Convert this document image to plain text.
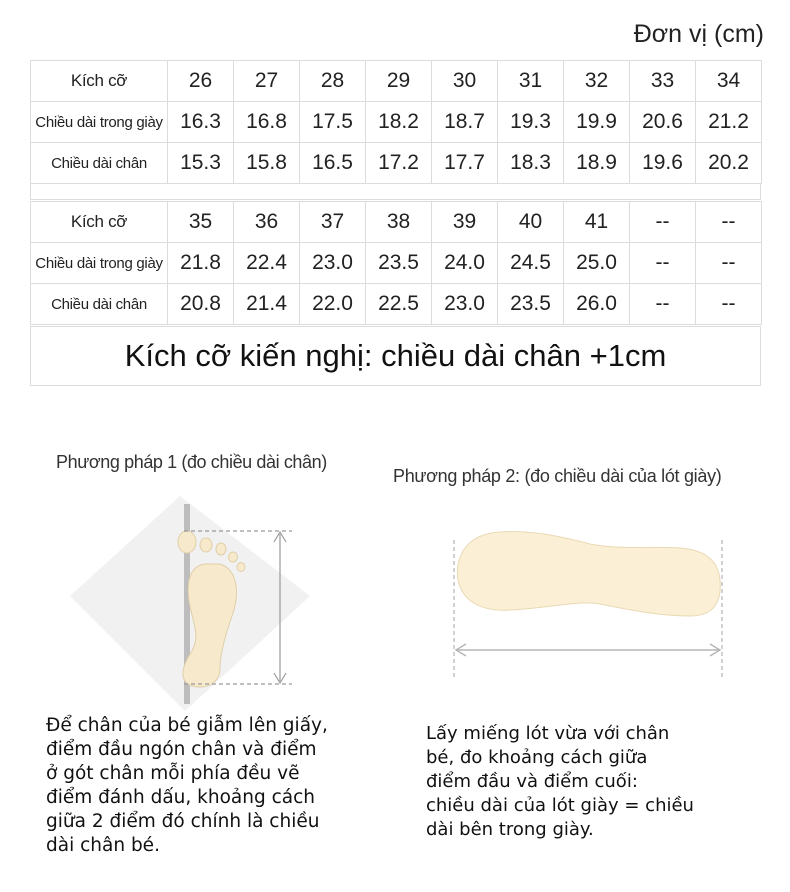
Đơn vị (cm)
Kích cỡ	26	27	28	29	30	31	32	33	34
Chiều dài trong giày	16.3	16.8	17.5	18.2	18.7	19.3	19.9	20.6	21.2
Chiều dài chân	15.3	15.8	16.5	17.2	17.7	18.3	18.9	19.6	20.2
Kích cỡ	35	36	37	38	39	40	41	--	--
Chiều dài trong giày	21.8	22.4	23.0	23.5	24.0	24.5	25.0	--	--
Chiều dài chân	20.8	21.4	22.0	22.5	23.0	23.5	26.0	--	--
Kích cỡ kiến nghị: chiều dài chân +1cm
Phương pháp 1 (đo chiều dài chân)
Phương pháp 2: (đo chiều dài của lót giày)
Để chân của bé giẫm lên giấy,
điểm đầu ngón chân và điểm
ở gót chân mỗi phía đều vẽ
điểm đánh dấu, khoảng cách
giữa 2 điểm đó chính là chiều
dài chân bé.
Lấy miếng lót vừa với chân
bé, đo khoảng cách giữa
điểm đầu và điểm cuối:
chiều dài của lót giày = chiều
dài bên trong giày.
